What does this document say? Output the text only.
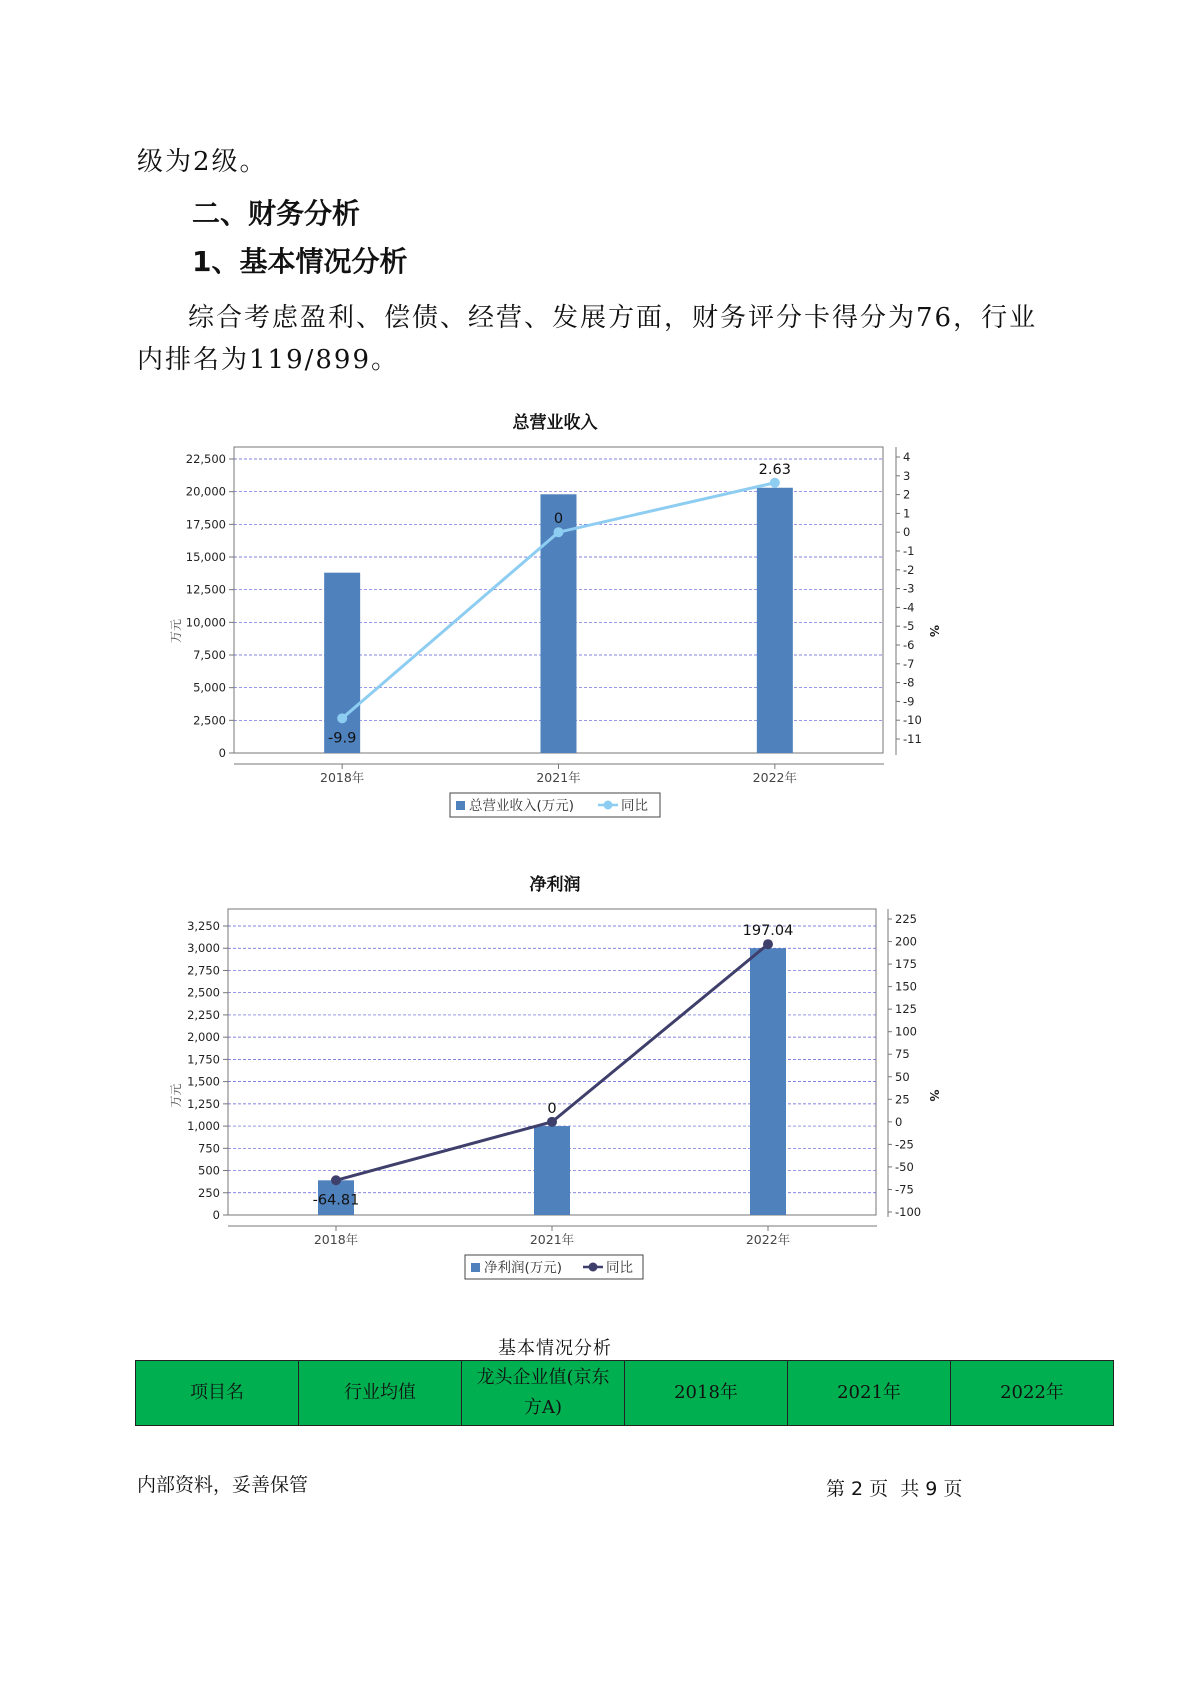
级为2级。
二、财务分析
1、基本情况分析
综合考虑盈利、偿债、经营、发展方面，财务评分卡得分为76，行业
内排名为119/899。
总营业收入
0
2,500
5,000
7,500
10,000
12,500
15,000
17,500
20,000
22,500
-11
-10
-9
-8
-7
-6
-5
-4
-3
-2
-1
0
1
2
3
4
2018年	2021年	2022年
-9.9
0
2.63
万元	%
总营业收入(万元)	同比
净利润
0
250
500
750
1,000
1,250
1,500
1,750
2,000
2,250
2,500
2,750
3,000
3,250
-100
-75
-50
-25
0
25
50
75
100
125
150
175
200
225
2018年	2021年	2022年
-64.81
0
197.04
万元	%
净利润(万元)	同比
基本情况分析
项目名	行业均值	龙头企业值(京东方A)	2018年	2021年	2022年
内部资料，妥善保管	第 2 页  共 9 页
